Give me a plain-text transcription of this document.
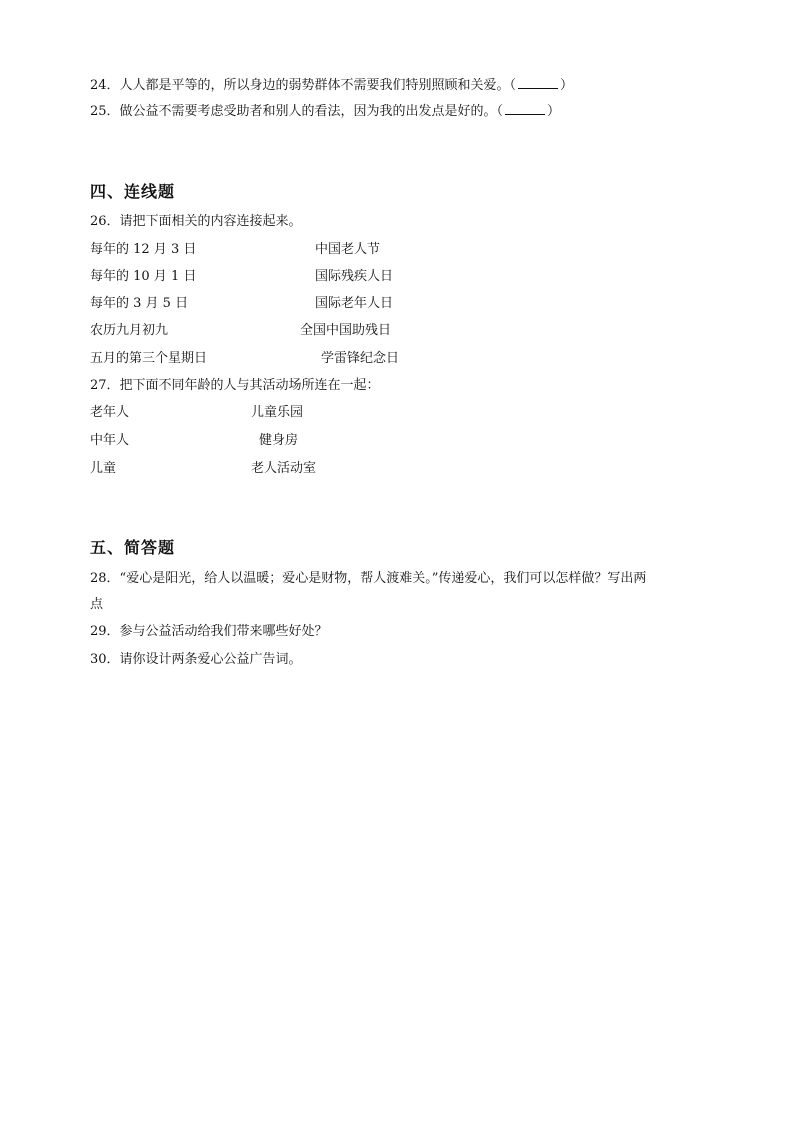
24．人人都是平等的，所以身边的弱势群体不需要我们特别照顾和关爱。（	）
25．做公益不需要考虑受助者和别人的看法，因为我的出发点是好的。（	）
四、连线题
26．请把下面相关的内容连接起来。
每年的 12 月 3 日	中国老人节
每年的 10 月 1 日	国际残疾人日
每年的 3 月 5 日	国际老年人日
农历九月初九	全国中国助残日
五月的第三个星期日	学雷锋纪念日
27．把下面不同年龄的人与其活动场所连在一起：
老年人	儿童乐园
中年人	健身房
儿童	老人活动室
五、简答题
28．“爱心是阳光，给人以温暖；爱心是财物，帮人渡难关。”传递爱心，我们可以怎样做？写出两
点
29．参与公益活动给我们带来哪些好处？
30．请你设计两条爱心公益广告词。
